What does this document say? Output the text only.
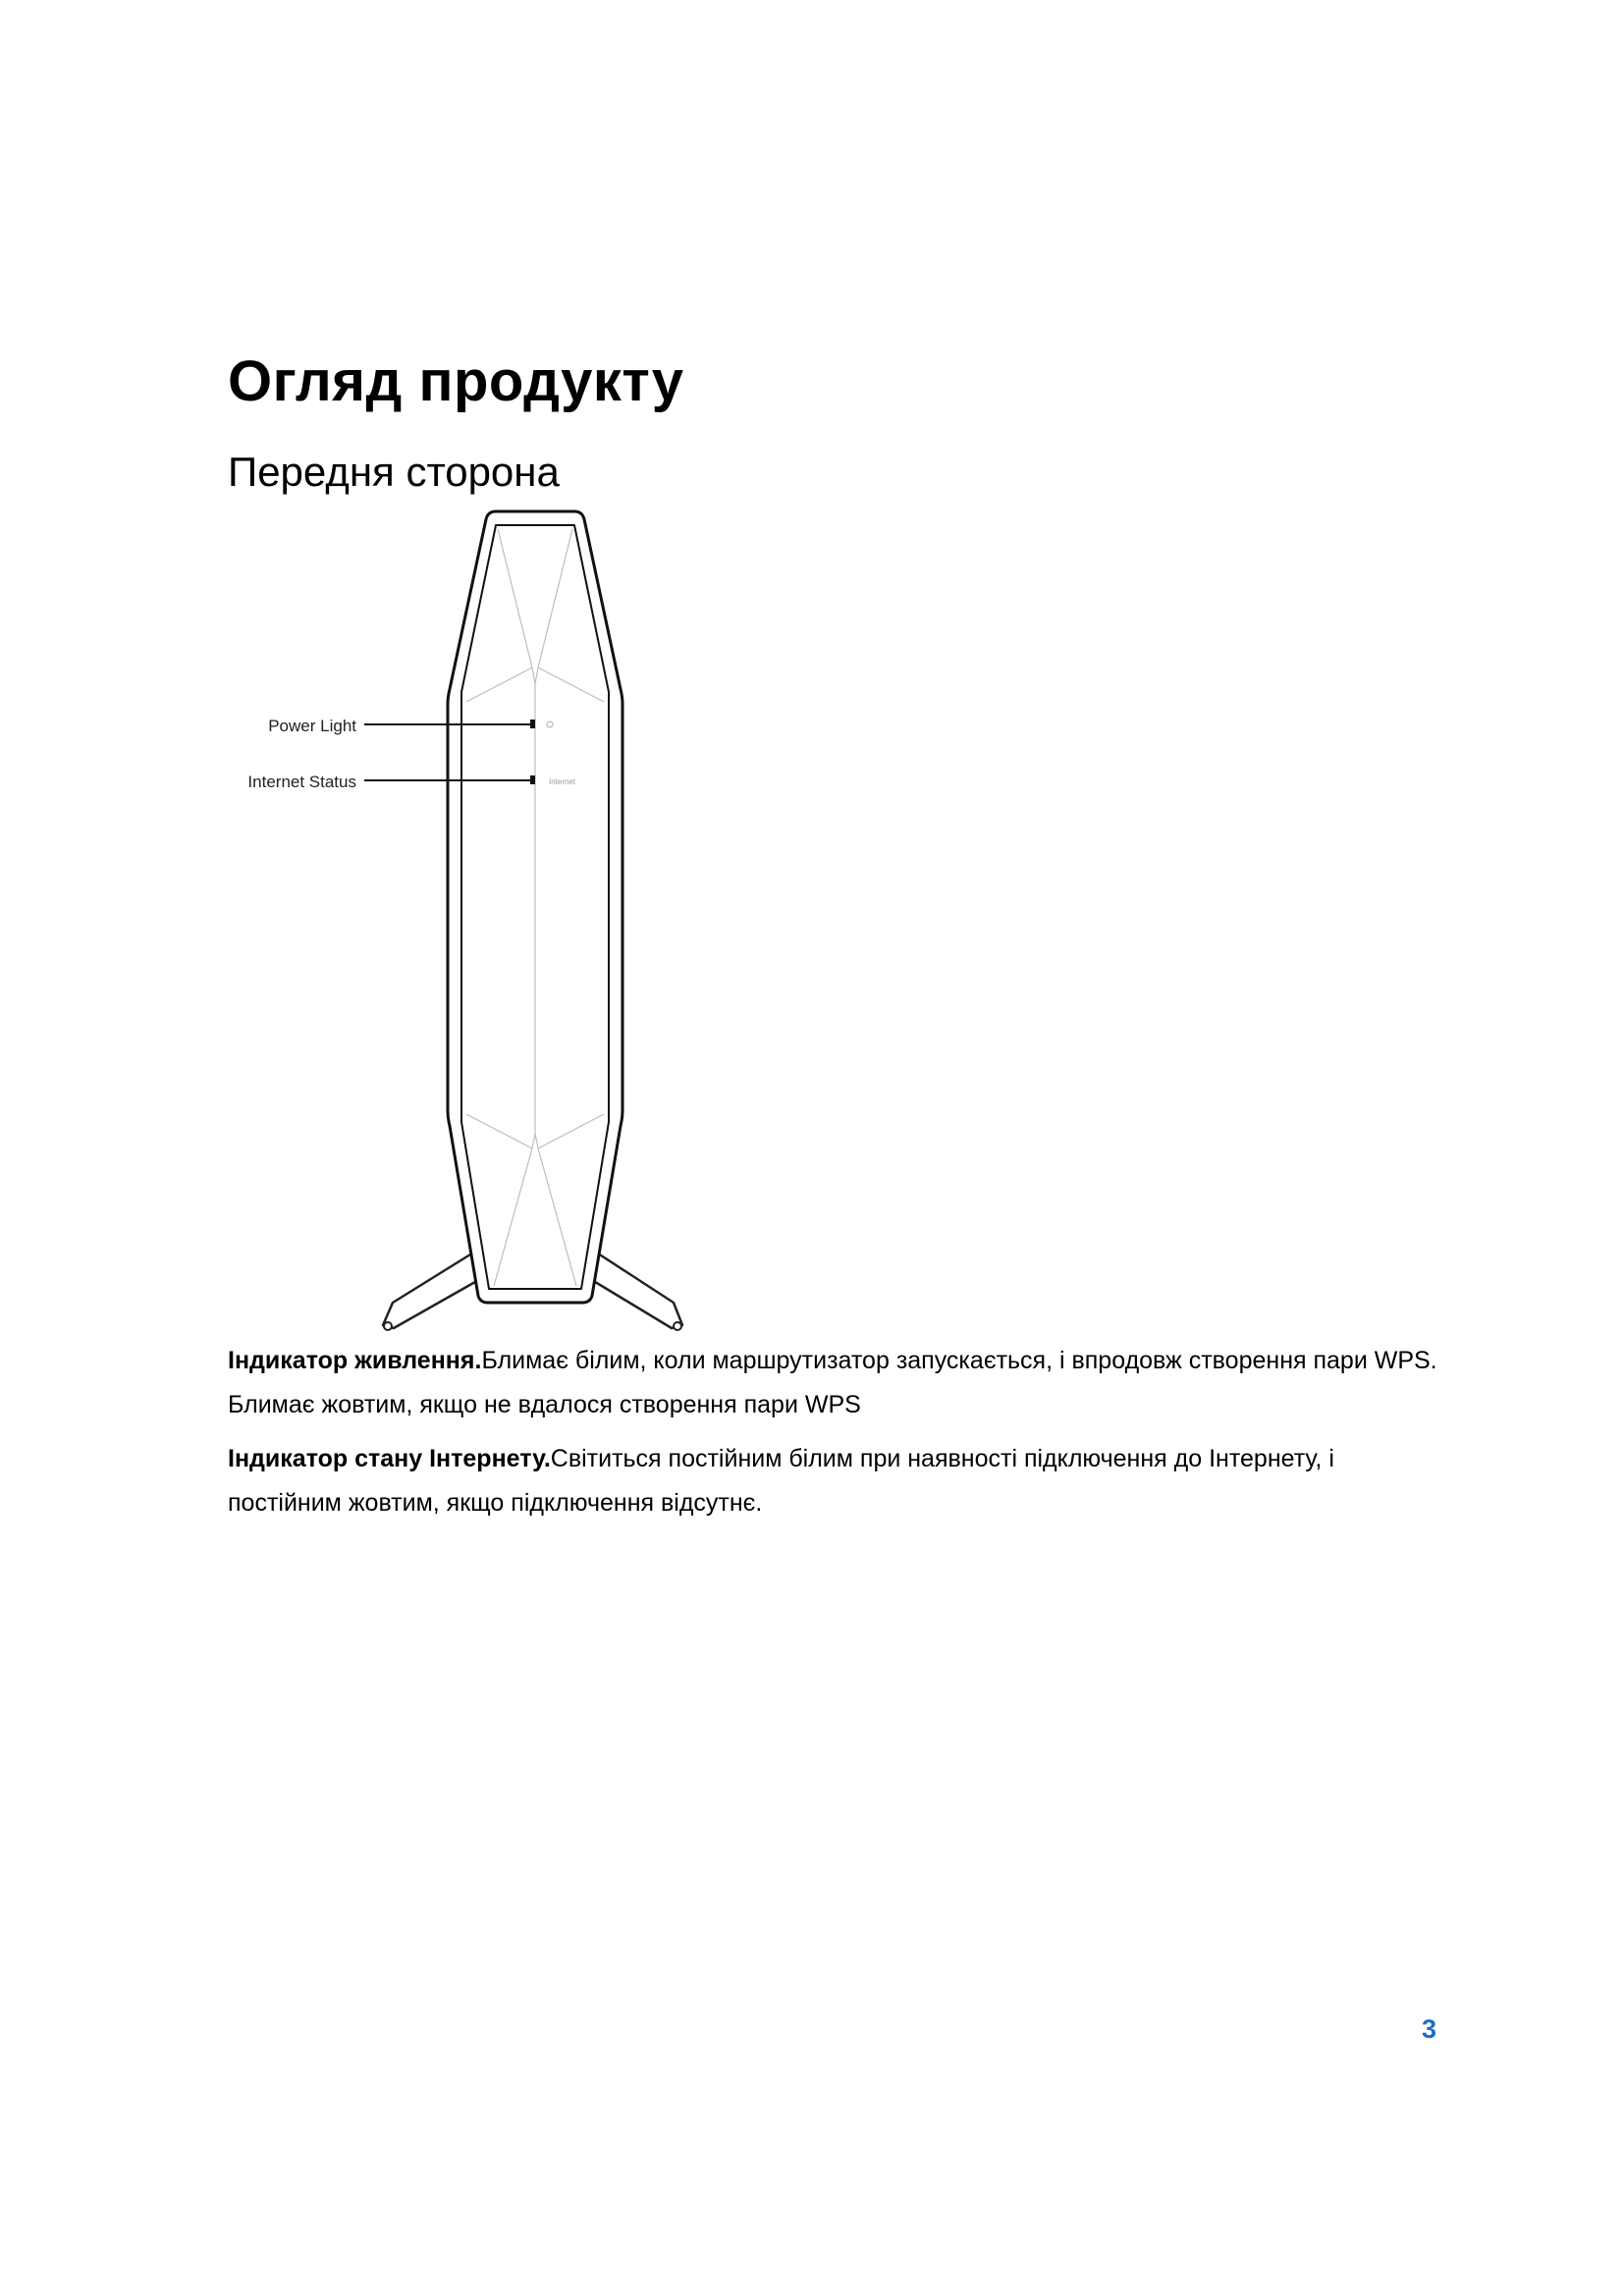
Огляд продукту
Передня сторона
Internet
Power Light
Internet Status

Індикатор живлення.Блимає білим, коли маршрутизатор запускається, і впродовж створення пари WPS. Блимає жовтим, якщо не вдалося створення пари WPS

Індикатор стану Інтернету.Світиться постійним білим при наявності підключення до Інтернету, і постійним жовтим, якщо підключення відсутнє.

3
